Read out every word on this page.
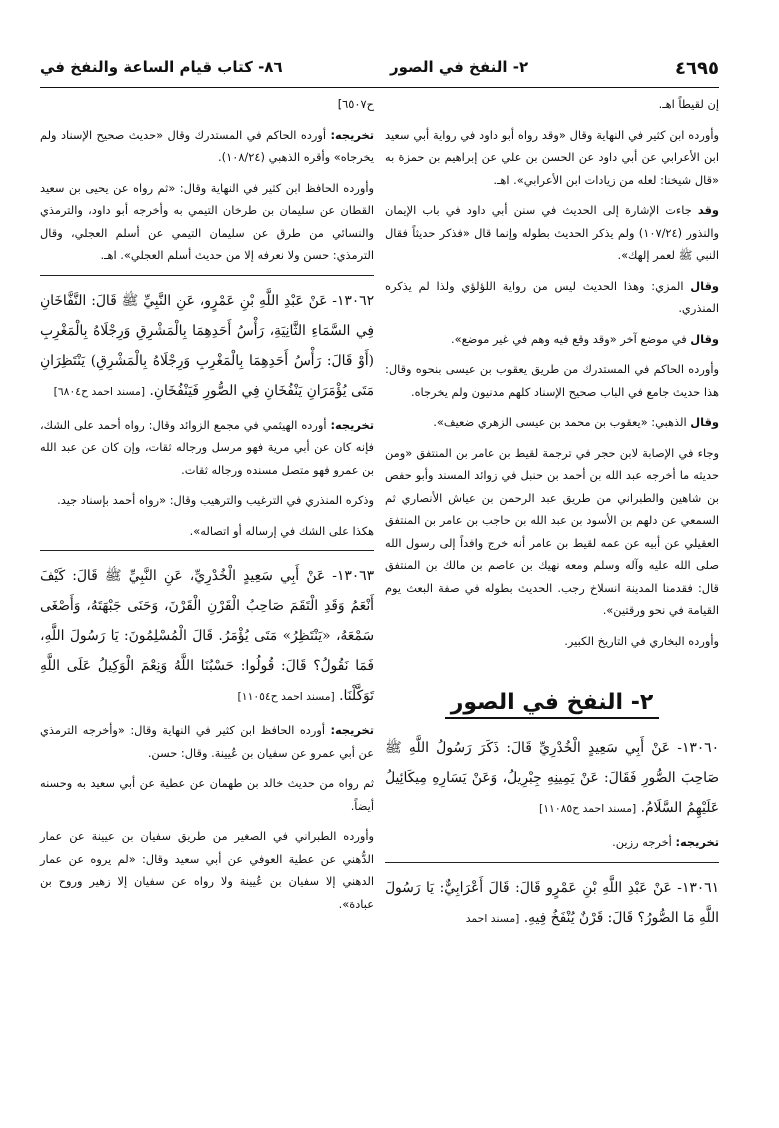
٤٦٩٥
٢- النفخ في الصور
٨٦- كتاب قيام الساعة والنفخ في

إن لقيطاً اهـ.

وأورده ابن كثير في النهاية وقال «وقد رواه أبو داود في رواية أبي سعيد ابن الأعرابي عن أبي داود عن الحسن بن علي عن إبراهيم بن حمزة به «قال شيخنا: لعله من زيادات ابن الأعرابي». اهـ.

وقد جاءت الإشارة إلى الحديث في سنن أبي داود في باب الإيمان والنذور (١٠٧/٢٤) ولم يذكر الحديث بطوله وإنما قال «فذكر حديثاً فقال النبي ﷺ لعمر إلهك».

وقال المزي: وهذا الحديث ليس من رواية اللؤلؤي ولذا لم يذكره المنذري.

وقال في موضع آخر «وقد وقع فيه وهم في غير موضع».

وأورده الحاكم في المستدرك من طريق يعقوب بن عيسى بنحوه وقال: هذا حديث جامع في الباب صحيح الإسناد كلهم مدنيون ولم يخرجاه.

وقال الذهبي: «يعقوب بن محمد بن عيسى الزهري ضعيف».

وجاء في الإصابة لابن حجر في ترجمة لقيط بن عامر بن المنتفق «ومن حديثه ما أخرجه عبد الله بن أحمد بن حنبل في زوائد المسند وأبو حفص بن شاهين والطبراني من طريق عبد الرحمن بن عياش الأنصاري ثم السمعي عن دلهم بن الأسود بن عبد الله بن حاجب بن عامر بن المنتفق العقيلي عن أبيه عن عمه لقيط بن عامر أنه خرج وافداً إلى رسول الله صلى الله عليه وآله وسلم ومعه نهيك بن عاصم بن مالك بن المنتفق قال: فقدمنا المدينة انسلاخ رجب. الحديث بطوله في صفة البعث يوم القيامة في نحو ورقتين».

وأورده البخاري في التاريخ الكبير.

٢- النفخ في الصور

١٣٠٦٠- عَنْ أَبِي سَعِيدٍ الْخُدْرِيِّ قَالَ: ذَكَرَ رَسُولُ اللَّهِ ﷺ صَاحِبَ الصُّورِ فَقَالَ: عَنْ يَمِينِهِ جِبْرِيلُ، وَعَنْ يَسَارِهِ مِيكَائِيلُ عَلَيْهِمُ السَّلَامُ. [مسند احمد ح١١٠٨٥]

تخريجه: أخرجه رزين.

١٣٠٦١- عَنْ عَبْدِ اللَّهِ بْنِ عَمْرٍو قَالَ: قَالَ أَعْرَابِيٌّ: يَا رَسُولَ اللَّهِ مَا الصُّورُ؟ قَالَ: قَرْنٌ يُنْفَخُ فِيهِ. [مسند احمد

ح٦٥٠٧]

تخريجه: أورده الحاكم في المستدرك وقال «حديث صحيح الإسناد ولم يخرجاه» وأقره الذهبي (١٠٨/٢٤).

وأورده الحافظ ابن كثير في النهاية وقال: «ثم رواه عن يحيى بن سعيد القطان عن سليمان بن طرخان التيمي به وأخرجه أبو داود، والترمذي والنسائي من طرق عن سليمان التيمي عن أسلم العجلي، وقال الترمذي: حسن ولا نعرفه إلا من حديث أسلم العجلي». اهـ.

١٣٠٦٢- عَنْ عَبْدِ اللَّهِ بْنِ عَمْرٍو، عَنِ النَّبِيِّ ﷺ قَالَ: النَّفَّاخَانِ فِي السَّمَاءِ الثَّانِيَةِ، رَأْسُ أَحَدِهِمَا بِالْمَشْرِقِ وَرِجْلَاهُ بِالْمَغْرِبِ (أَوْ قَالَ: رَأْسُ أَحَدِهِمَا بِالْمَغْرِبِ وَرِجْلَاهُ بِالْمَشْرِقِ) يَنْتَظِرَانِ مَتَى يُؤْمَرَانِ يَنْفُخَانِ فِي الصُّورِ فَيَنْفُخَانِ. [مسند احمد ح٦٨٠٤]

تخريجه: أورده الهيثمي في مجمع الزوائد وقال: رواه أحمد على الشك، فإنه كان عن أبي مرية فهو مرسل ورجاله ثقات، وإن كان عن عبد الله بن عمرو فهو متصل مسنده ورجاله ثقات.

وذكره المنذري في الترغيب والترهيب وقال: «رواه أحمد بإسناد جيد.

هكذا على الشك في إرساله أو اتصاله».

١٣٠٦٣- عَنْ أَبِي سَعِيدٍ الْخُدْرِيِّ، عَنِ النَّبِيِّ ﷺ قَالَ: كَيْفَ أَنْعَمُ وَقَدِ الْتَقَمَ صَاحِبُ الْقَرْنِ الْقَرْنَ، وَحَنَى جَبْهَتَهُ، وَأَصْغَى سَمْعَهُ، «يَنْتَظِرُ» مَتَى يُؤْمَرُ. قَالَ الْمُسْلِمُونَ: يَا رَسُولَ اللَّهِ، فَمَا نَقُولُ؟ قَالَ: قُولُوا: حَسْبُنَا اللَّهُ وَنِعْمَ الْوَكِيلُ عَلَى اللَّهِ تَوَكَّلْنَا. [مسند احمد ح١١٠٥٤]

تخريجه: أورده الحافظ ابن كثير في النهاية وقال: «وأخرجه الترمذي عن أبي عمرو عن سفيان بن عُيينة. وقال: حسن.

ثم رواه من حديث خالد بن طهمان عن عطية عن أبي سعيد به وحسنه أيضاً.

وأورده الطبراني في الصغير من طريق سفيان بن عيينة عن عمار الدُّهني عن عطية العوفي عن أبي سعيد وقال: «لم يروه عن عمار الدهني إلا سفيان بن عُيينة ولا رواه عن سفيان إلا زهير وروح بن عبادة».
